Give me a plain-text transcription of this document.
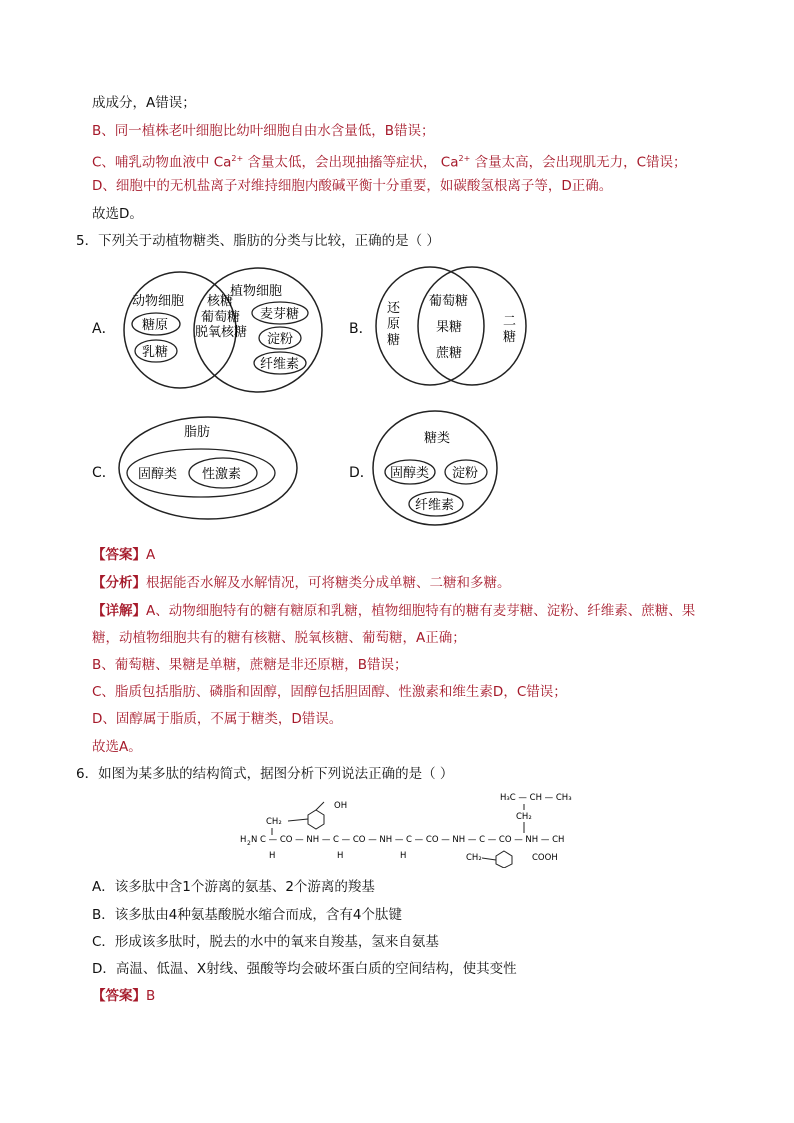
成成分，A错误；
B、同一植株老叶细胞比幼叶细胞自由水含量低，B错误；
C、哺乳动物血液中 $Ca^{2+}$ 含量太低，会出现抽搐等症状， $Ca^{2+}$ 含量太高，会出现肌无力，C错误；
D、细胞中的无机盐离子对维持细胞内酸碱平衡十分重要，如碳酸氢根离子等，D正确。
故选D。
5．下列关于动植物糖类、脂肪的分类与比较，正确的是（ ）
A．
动物细胞
植物细胞
核糖
葡萄糖
脱氧核糖
糖原
乳糖
麦芽糖
淀粉
纤维素
B．
还
原
糖
葡萄糖
果糖
蔗糖
二
糖
C．
脂肪
固醇类 性激素	D．
糖类
固醇类 淀粉
纤维素
【答案】A
【分析】根据能否水解及水解情况，可将糖类分成单糖、二糖和多糖。
【详解】A、动物细胞特有的糖有糖原和乳糖，植物细胞特有的糖有麦芽糖、淀粉、纤维素、蔗糖、果
糖，动植物细胞共有的糖有核糖、脱氧核糖、葡萄糖，A正确；
B、葡萄糖、果糖是单糖，蔗糖是非还原糖，B错误；
C、脂质包括脂肪、磷脂和固醇，固醇包括胆固醇、性激素和维生素D，C错误；
D、固醇属于脂质，不属于糖类，D错误。
故选A。
6．如图为某多肽的结构简式，据图分析下列说法正确的是（ ）
H₃C — CH — CH₃
OH
CH₂	CH₂
H 2 N C — CO — NH — C — CO — NH — C — CO — NH — C — CO — NH — CH
H	H	H	CH₂	COOH
A．该多肽中含1个游离的氨基、2个游离的羧基
B．该多肽由4种氨基酸脱水缩合而成，含有4个肽键
C．形成该多肽时，脱去的水中的氧来自羧基，氢来自氨基
D．高温、低温、X射线、强酸等均会破坏蛋白质的空间结构，使其变性
【答案】B
